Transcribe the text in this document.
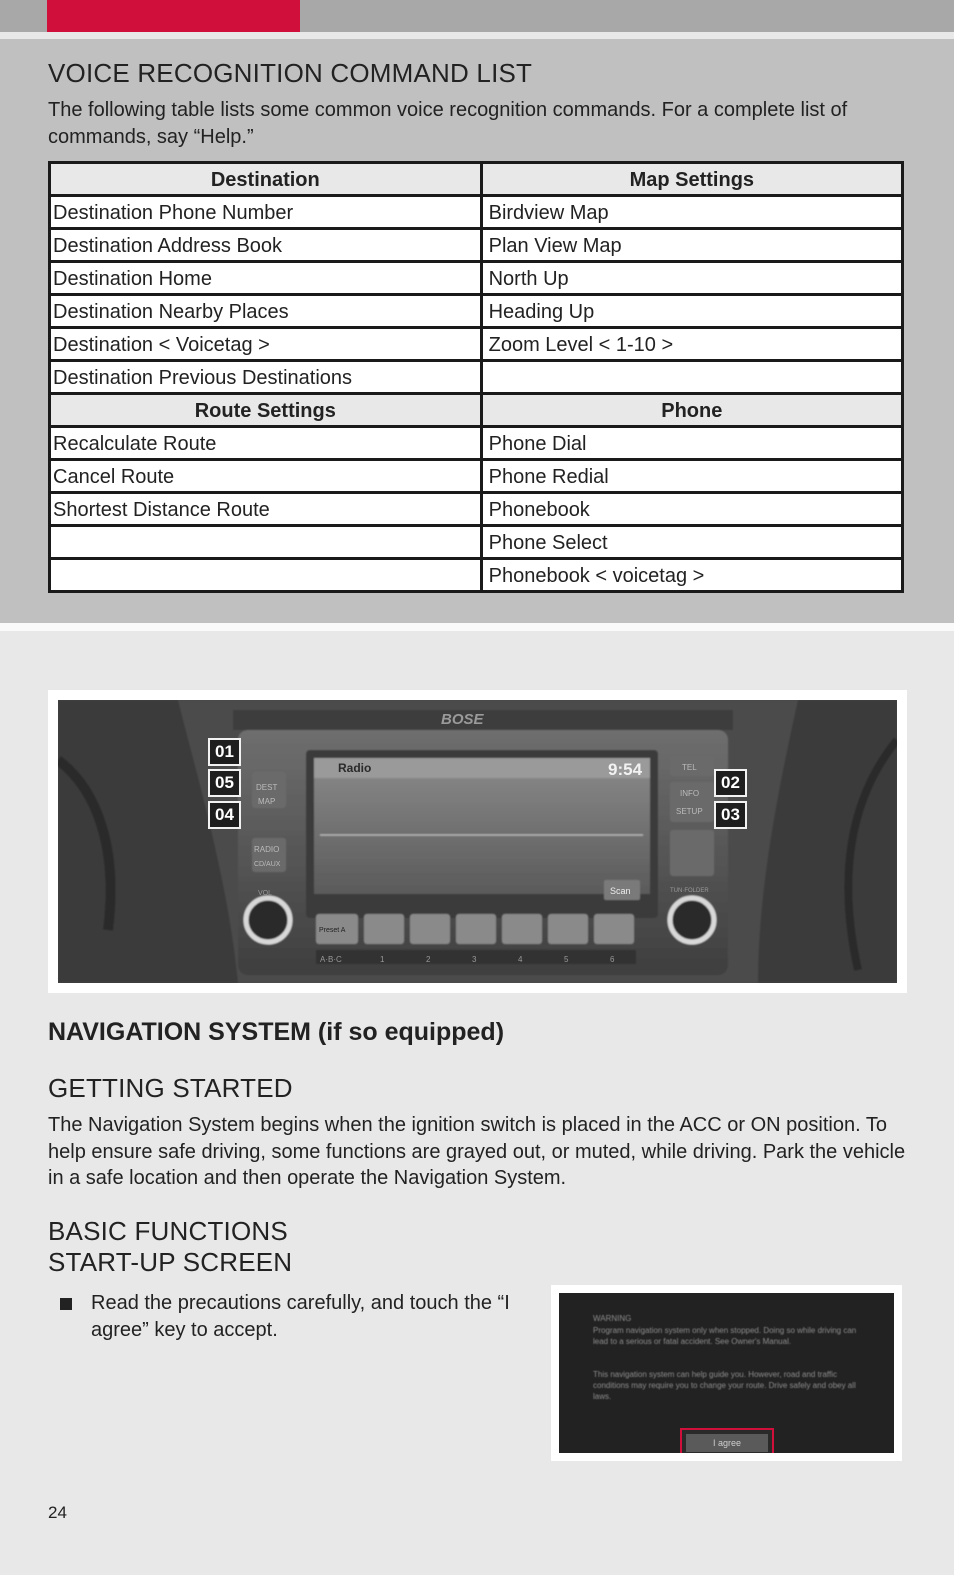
VOICE RECOGNITION COMMAND LIST

The following table lists some common voice recognition commands. For a complete list of commands, say “Help.”

Destination	Map Settings
Destination Phone Number	Birdview Map
Destination Address Book	Plan View Map
Destination Home	North Up
Destination Nearby Places	Heading Up
Destination < Voicetag >	Zoom Level < 1-10 >
Destination Previous Destinations	
Route Settings	Phone
Recalculate Route	Phone Dial
Cancel Route	Phone Redial
Shortest Distance Route	Phonebook
	Phone Select
	Phonebook < voicetag >
BOSE
Radio	9:54
DEST
MAP
RADIO
CD/AUX
TEL
INFO
SETUP
Scan
Preset A
A·B·C	1	2	3	4	5	6
VOL	TUN·FOLDER
01
05
04
02
03
NAVIGATION SYSTEM (if so equipped)
GETTING STARTED

The Navigation System begins when the ignition switch is placed in the ACC or ON position. To help ensure safe driving, some functions are grayed out, or muted, while driving. Park the vehicle in a safe location and then operate the Navigation System.

BASIC FUNCTIONS
START-UP SCREEN
Read the precautions carefully, and touch the “I agree” key to accept.	WARNING
Program navigation system only when stopped. Doing so while driving can lead to a serious or fatal accident. See Owner's Manual.
This navigation system can help guide you. However, road and traffic conditions may require you to change your route. Drive safely and obey all laws.
I agree
24
